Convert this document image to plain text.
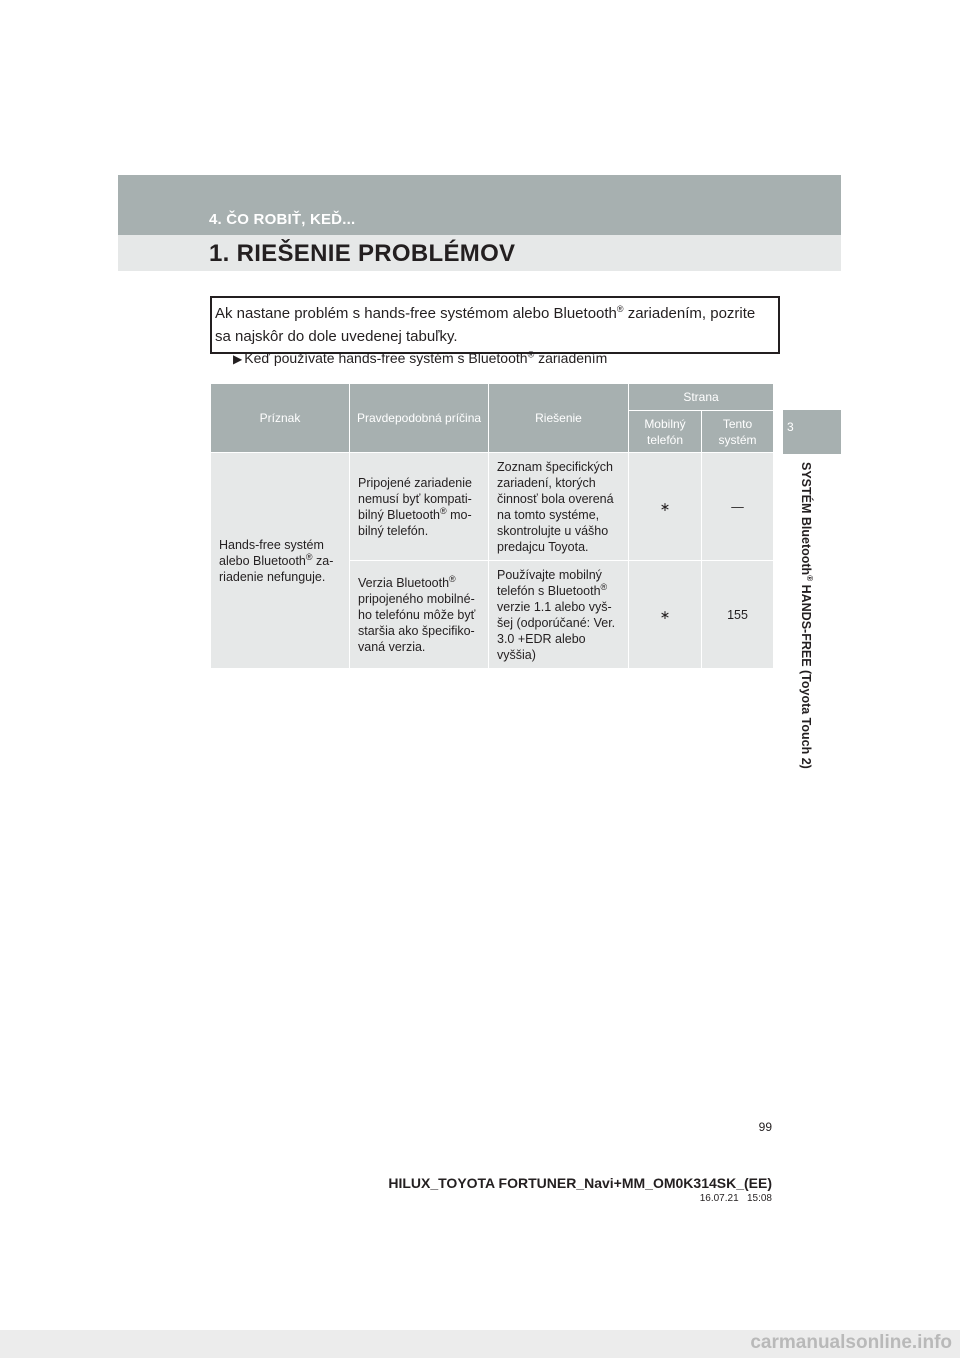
4. ČO ROBIŤ, KEĎ...
1. RIEŠENIE PROBLÉMOV
3
SYSTÉM Bluetooth® HANDS-FREE (Toyota Touch 2)
Ak nastane problém s hands-free systémom alebo Bluetooth® zariadením, pozrite sa najskôr do dole uvedenej tabuľky.
▶ Keď používate hands-free systém s Bluetooth® zariadením
Príznak	Pravdepodobná príčina	Riešenie	Strana	
			Mobilný telefón	Tento systém
Hands-free systém alebo Bluetooth® za-riadenie nefunguje.	Pripojené zariadenie nemusí byť kompati-bilný Bluetooth® mo-bilný telefón.	Zoznam špecifických zariadení, ktorých činnosť bola overená na tomto systéme, skontrolujte u vášho predajcu Toyota.	∗	—
	Verzia Bluetooth® pripojeného mobilné-ho telefónu môže byť staršia ako špecifiko-vaná verzia.	Používajte mobilný telefón s Bluetooth® verzie 1.1 alebo vyš-šej (odporúčané: Ver. 3.0 +EDR alebo vyššia)	∗	155
99
HILUX_TOYOTA FORTUNER_Navi+MM_OM0K314SK_(EE)
16.07.21   15:08
carmanualsonline.info
